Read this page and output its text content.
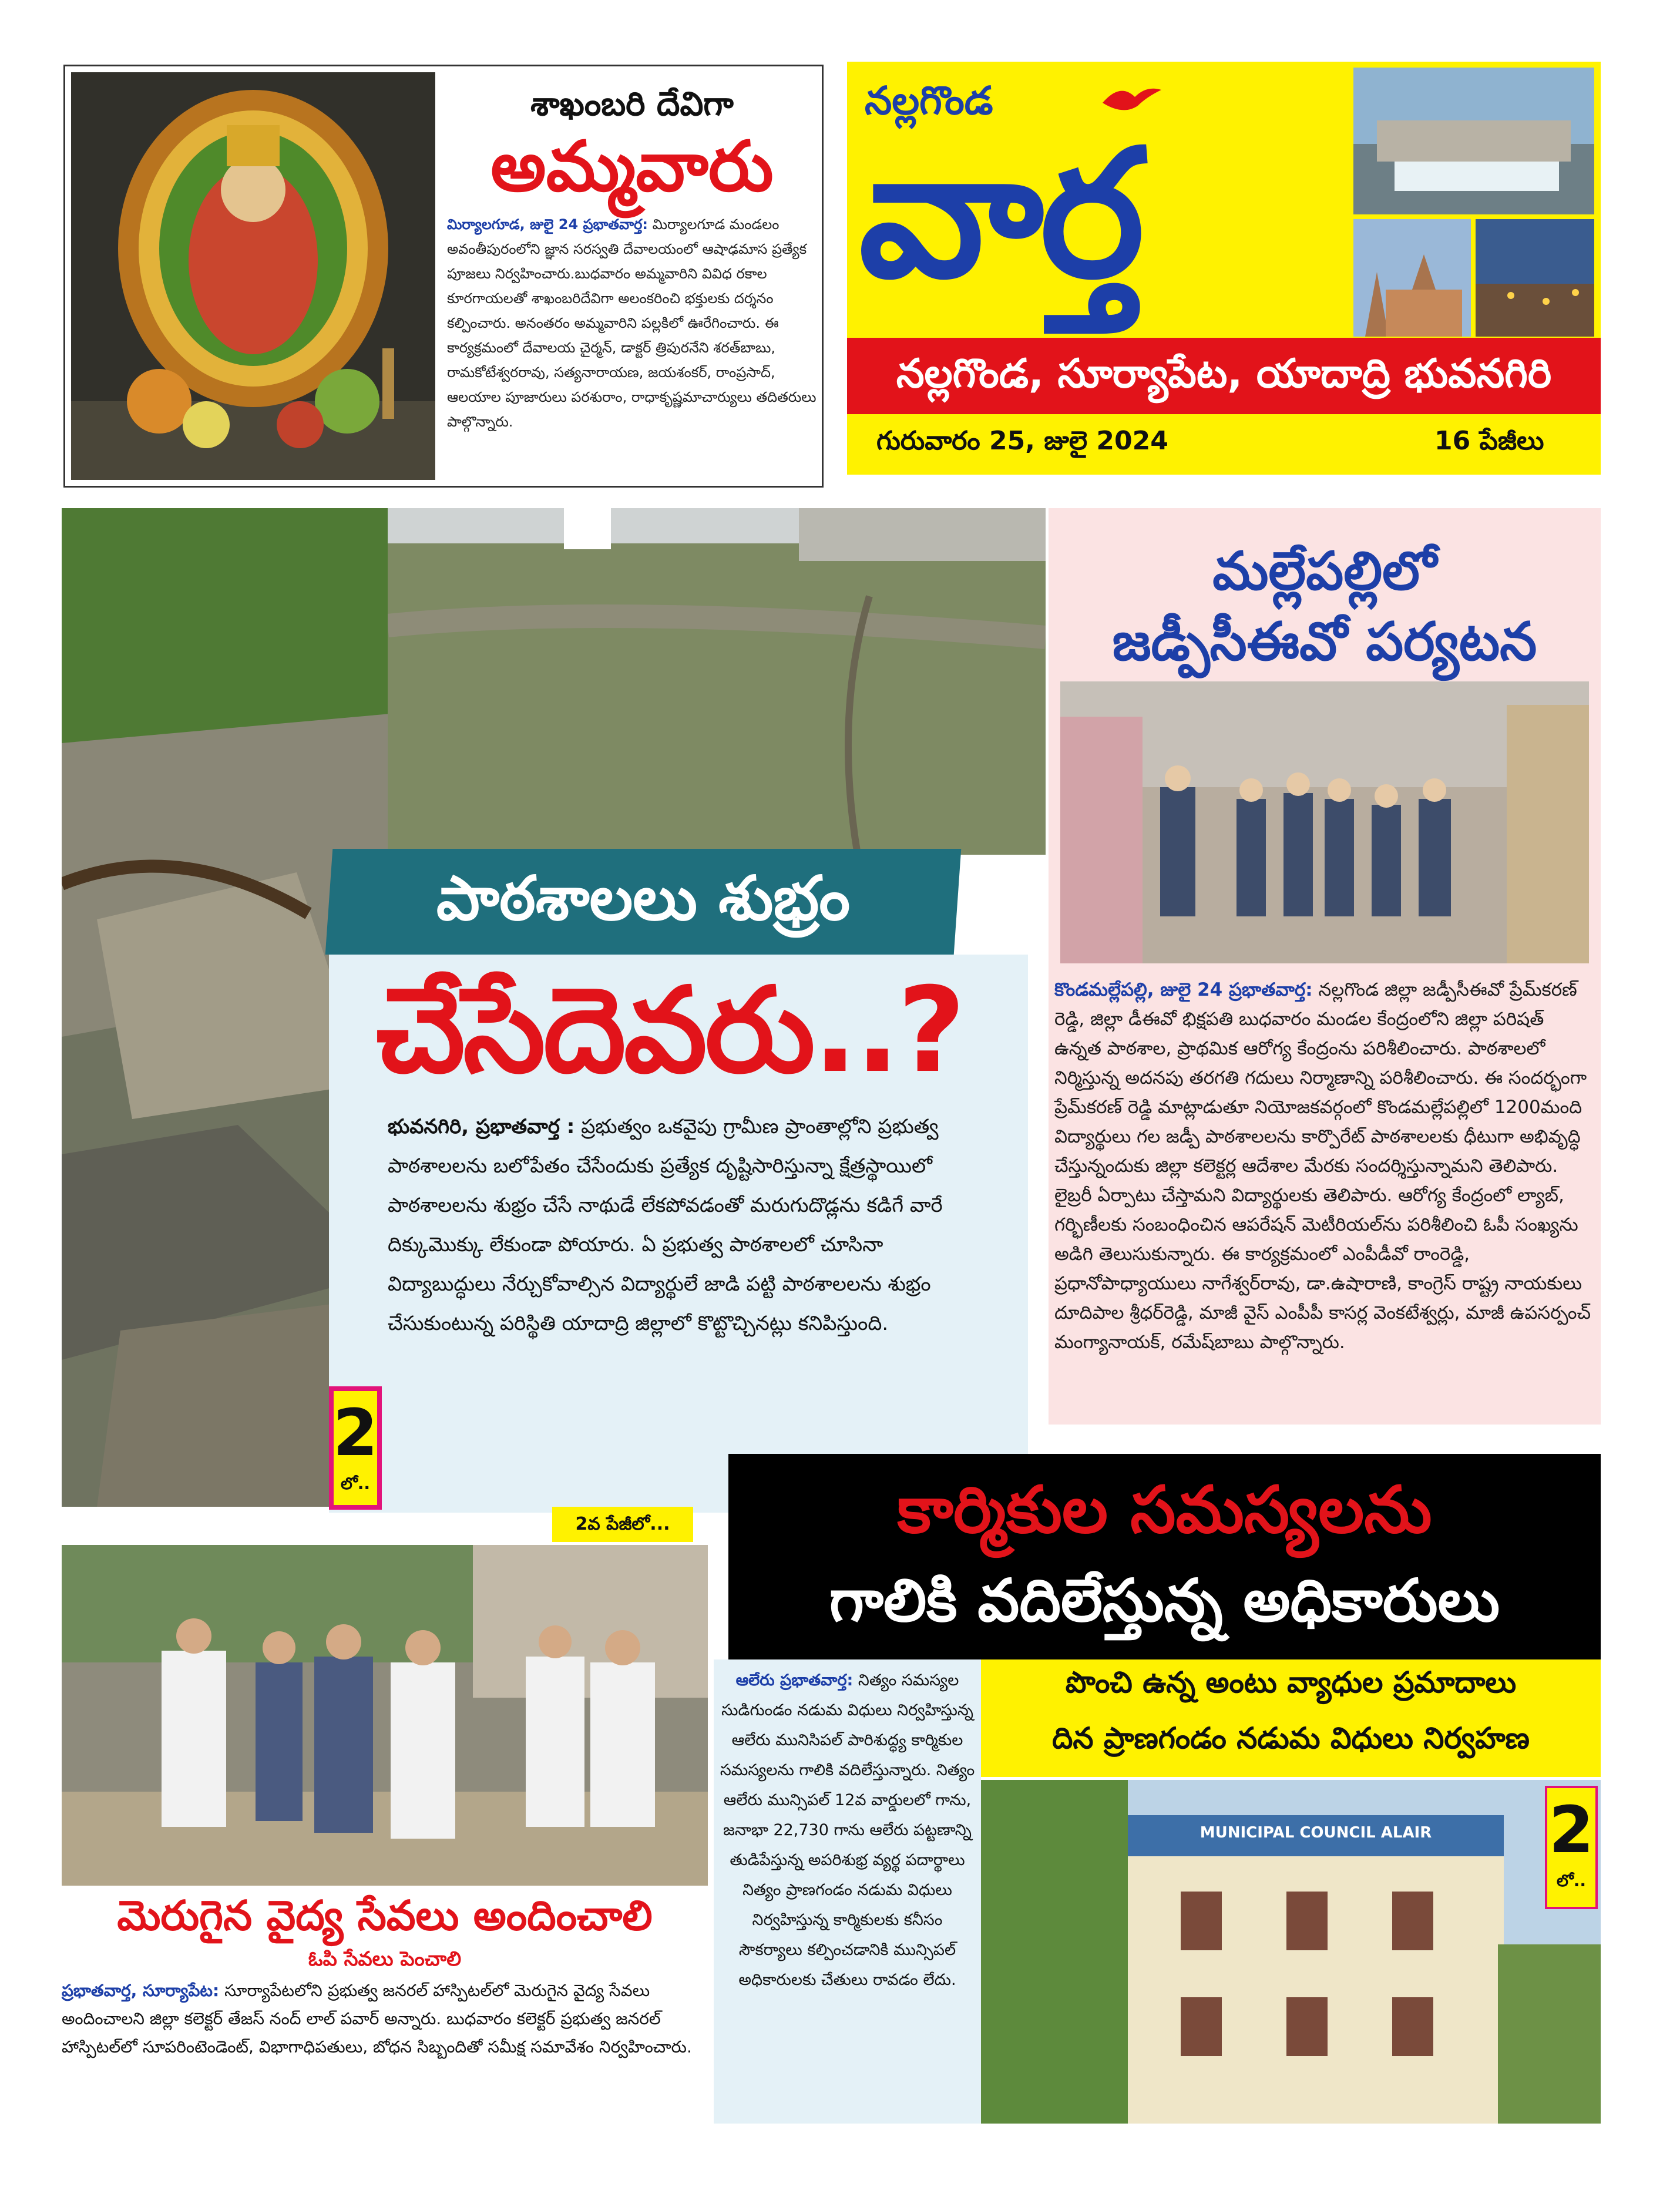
శాఖంబరి దేవిగా
అమ్మవారు
మిర్యాలగూడ, జులై 24 ప్రభాతవార్త: మిర్యాలగూడ మండలం అవంతీపురంలోని జ్ఞాన సరస్వతి దేవాలయంలో ఆషాఢమాస ప్రత్యేక పూజలు నిర్వహించారు.బుధవారం అమ్మవారిని వివిధ రకాల కూరగాయలతో శాఖంబరిదేవిగా అలంకరించి భక్తులకు దర్శనం కల్పించారు. అనంతరం అమ్మవారిని పల్లకిలో ఊరేగించారు. ఈ కార్యక్రమంలో దేవాలయ చైర్మన్, డాక్టర్ త్రిపురనేని శరత్‌బాబు, రామకోటేశ్వరరావు, సత్యనారాయణ, జయశంకర్, రాంప్రసాద్, ఆలయాల పూజారులు పరశురాం, రాధాకృష్ణమాచార్యులు తదితరులు పాల్గొన్నారు.
నల్లగొండ
వార్త
నల్లగొండ, సూర్యాపేట, యాదాద్రి భువనగిరి
గురువారం 25, జులై 2024	16 పేజీలు
పాఠశాలలు శుభ్రం
చేసేదెవరు..?
భువనగిరి, ప్రభాతవార్త : ప్రభుత్వం ఒకవైపు గ్రామీణ ప్రాంతాల్లోని ప్రభుత్వ పాఠశాలలను బలోపేతం చేసేందుకు ప్రత్యేక దృష్టిసారిస్తున్నా క్షేత్రస్థాయిలో పాఠశాలలను శుభ్రం చేసే నాథుడే లేకపోవడంతో మరుగుదొడ్లను కడిగే వారే దిక్కుమొక్కు లేకుండా పోయారు. ఏ ప్రభుత్వ పాఠశాలలో చూసినా విద్యాబుద్ధులు నేర్చుకోవాల్సిన విద్యార్థులే జాడి పట్టి పాఠశాలలను శుభ్రం చేసుకుంటున్న పరిస్థితి యాదాద్రి జిల్లాలో కొట్టొచ్చినట్లు కనిపిస్తుంది.
2
లో..
మల్లేపల్లిలో
జడ్పీసీఈవో పర్యటన
కొండమల్లేపల్లి, జులై 24 ప్రభాతవార్త: నల్లగొండ జిల్లా జడ్పీసీఈవో ప్రేమ్‌కరణ్ రెడ్డి, జిల్లా డీఈవో భిక్షపతి బుధవారం మండల కేంద్రంలోని జిల్లా పరిషత్ ఉన్నత పాఠశాల, ప్రాథమిక ఆరోగ్య కేంద్రంను పరిశీలించారు. పాఠశాలలో నిర్మిస్తున్న అదనపు తరగతి గదులు నిర్మాణాన్ని పరిశీలించారు. ఈ సందర్భంగా ప్రేమ్‌కరణ్ రెడ్డి మాట్లాడుతూ నియోజకవర్గంలో కొండమల్లేపల్లిలో 1200మంది విద్యార్థులు గల జడ్పీ పాఠశాలలను కార్పొరేట్ పాఠశాలలకు ధీటుగా అభివృద్ధి చేస్తున్నందుకు జిల్లా కలెక్టర్ల ఆదేశాల మేరకు సందర్శిస్తున్నామని తెలిపారు. లైబ్రరీ ఏర్పాటు చేస్తామని విద్యార్థులకు తెలిపారు. ఆరోగ్య కేంద్రంలో ల్యాబ్, గర్భిణీలకు సంబంధించిన ఆపరేషన్ మెటీరియల్‌ను పరిశీలించి ఓపీ సంఖ్యను అడిగి తెలుసుకున్నారు. ఈ కార్యక్రమంలో ఎంపీడీవో రాంరెడ్డి, ప్రధానోపాధ్యాయులు నాగేశ్వర్‌రావు, డా.ఉషారాణి, కాంగ్రెస్ రాష్ట్ర నాయకులు దూదిపాల శ్రీధర్‌రెడ్డి, మాజీ వైస్ ఎంపీపీ కాసర్ల వెంకటేశ్వర్లు, మాజీ ఉపసర్పంచ్ మంగ్యానాయక్, రమేష్‌బాబు పాల్గొన్నారు.
2వ పేజీలో...
మెరుగైన వైద్య సేవలు అందించాలి
ఓపి సేవలు పెంచాలి
ప్రభాతవార్త, సూర్యాపేట: సూర్యాపేటలోని ప్రభుత్వ జనరల్ హాస్పిటల్‌లో మెరుగైన వైద్య సేవలు అందించాలని జిల్లా కలెక్టర్ తేజస్ నంద్ లాల్ పవార్ అన్నారు. బుధవారం కలెక్టర్ ప్రభుత్వ జనరల్ హాస్పిటల్‌లో సూపరింటెండెంట్, విభాగాధిపతులు, బోధన సిబ్బందితో సమీక్ష సమావేశం నిర్వహించారు.
కార్మికుల సమస్యలను
గాలికి వదిలేస్తున్న అధికారులు
ఆలేరు ప్రభాతవార్త: నిత్యం సమస్యల సుడిగుండం నడుమ విధులు నిర్వహిస్తున్న ఆలేరు మునిసిపల్ పారిశుద్ధ్య కార్మికుల సమస్యలను గాలికి వదిలేస్తున్నారు. నిత్యం ఆలేరు మున్సిపల్ 12వ వార్డులలో గాను, జనాభా 22,730 గాను ఆలేరు పట్టణాన్ని తుడిపేస్తున్న అపరిశుభ్ర వ్యర్థ పదార్థాలు నిత్యం ప్రాణగండం నడుమ విధులు నిర్వహిస్తున్న కార్మికులకు కనీసం సౌకర్యాలు కల్పించడానికి మున్సిపల్ అధికారులకు చేతులు రావడం లేదు.
పొంచి ఉన్న అంటు వ్యాధుల ప్రమాదాలు
దిన ప్రాణగండం నడుమ విధులు నిర్వహణ
MUNICIPAL COUNCIL ALAIR	2
లో..
